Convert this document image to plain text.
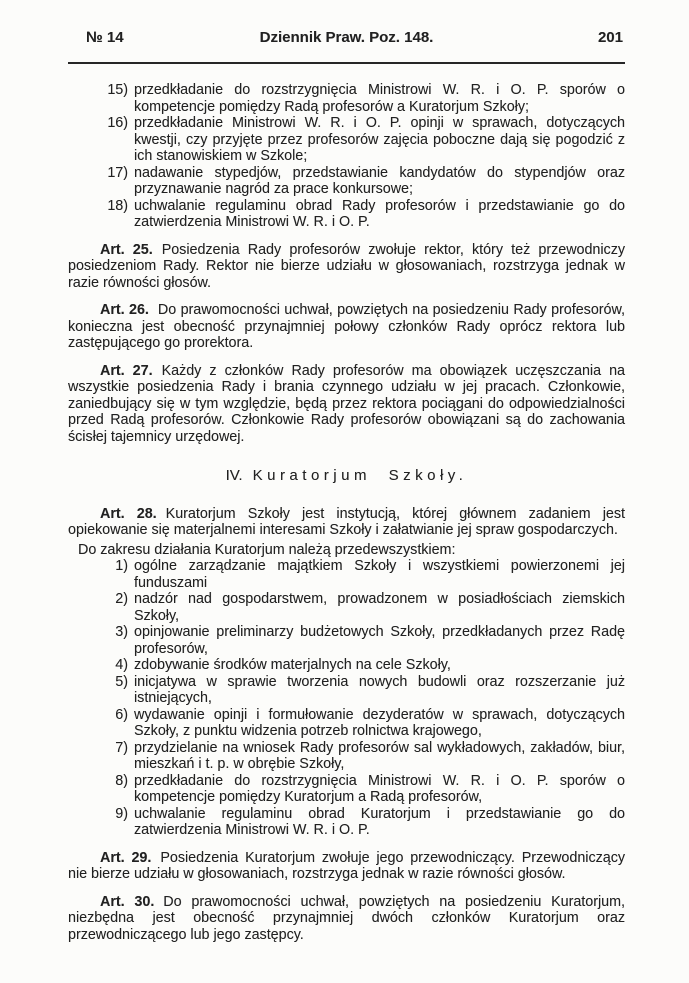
№ 14	Dziennik Praw. Poz. 148.	201
15) przedkładanie do rozstrzygnięcia Ministrowi W. R. i O. P. sporów o kompetencje pomiędzy Radą profesorów a Kuratorjum Szkoły;
16) przedkładanie Ministrowi W. R. i O. P. opinji w sprawach, dotyczących kwestji, czy przyjęte przez profesorów zajęcia poboczne dają się pogodzić z ich stanowiskiem w Szkole;
17) nadawanie stypedjów, przedstawianie kandydatów do stypendjów oraz przyznawanie nagród za prace konkursowe;
18) uchwalanie regulaminu obrad Rady profesorów i przedstawianie go do zatwierdzenia Ministrowi W. R. i O. P.

Art. 25. Posiedzenia Rady profesorów zwołuje rektor, który też przewodniczy posiedzeniom Rady. Rektor nie bierze udziału w głosowaniach, rozstrzyga jednak w razie równości głosów.

Art. 26. Do prawomocności uchwał, powziętych na posiedzeniu Rady profesorów, konieczna jest obecność przynajmniej połowy członków Rady oprócz rektora lub zastępującego go prorektora.

Art. 27. Każdy z członków Rady profesorów ma obowiązek uczęszczania na wszystkie posiedzenia Rady i brania czynnego udziału w jej pracach. Członkowie, zaniedbujący się w tym względzie, będą przez rektora pociągani do odpowiedzialności przed Radą profesorów. Członkowie Rady profesorów obowiązani są do zachowania ścisłej tajemnicy urzędowej.

IV. Kuratorjum Szkoły.

Art. 28. Kuratorjum Szkoły jest instytucją, której głównem zadaniem jest opiekowanie się materjalnemi interesami Szkoły i załatwianie jej spraw gospodarczych.

Do zakresu działania Kuratorjum należą przedewszystkiem:

1) ogólne zarządzanie majątkiem Szkoły i wszystkiemi powierzonemi jej funduszami
2) nadzór nad gospodarstwem, prowadzonem w posiadłościach ziemskich Szkoły,
3) opinjowanie preliminarzy budżetowych Szkoły, przedkładanych przez Radę profesorów,
4) zdobywanie środków materjalnych na cele Szkoły,
5) inicjatywa w sprawie tworzenia nowych budowli oraz rozszerzanie już istniejących,
6) wydawanie opinji i formułowanie dezyderatów w sprawach, dotyczących Szkoły, z punktu widzenia potrzeb rolnictwa krajowego,
7) przydzielanie na wniosek Rady profesorów sal wykładowych, zakładów, biur, mieszkań i t. p. w obrębie Szkoły,
8) przedkładanie do rozstrzygnięcia Ministrowi W. R. i O. P. sporów o kompetencje pomiędzy Kuratorjum a Radą profesorów,
9) uchwalanie regulaminu obrad Kuratorjum i przedstawianie go do zatwierdzenia Ministrowi W. R. i O. P.

Art. 29. Posiedzenia Kuratorjum zwołuje jego przewodniczący. Przewodniczący nie bierze udziału w głosowaniach, rozstrzyga jednak w razie równości głosów.

Art. 30. Do prawomocności uchwał, powziętych na posiedzeniu Kuratorjum, niezbędna jest obecność przynajmniej dwóch członków Kuratorjum oraz przewodniczącego lub jego zastępcy.
